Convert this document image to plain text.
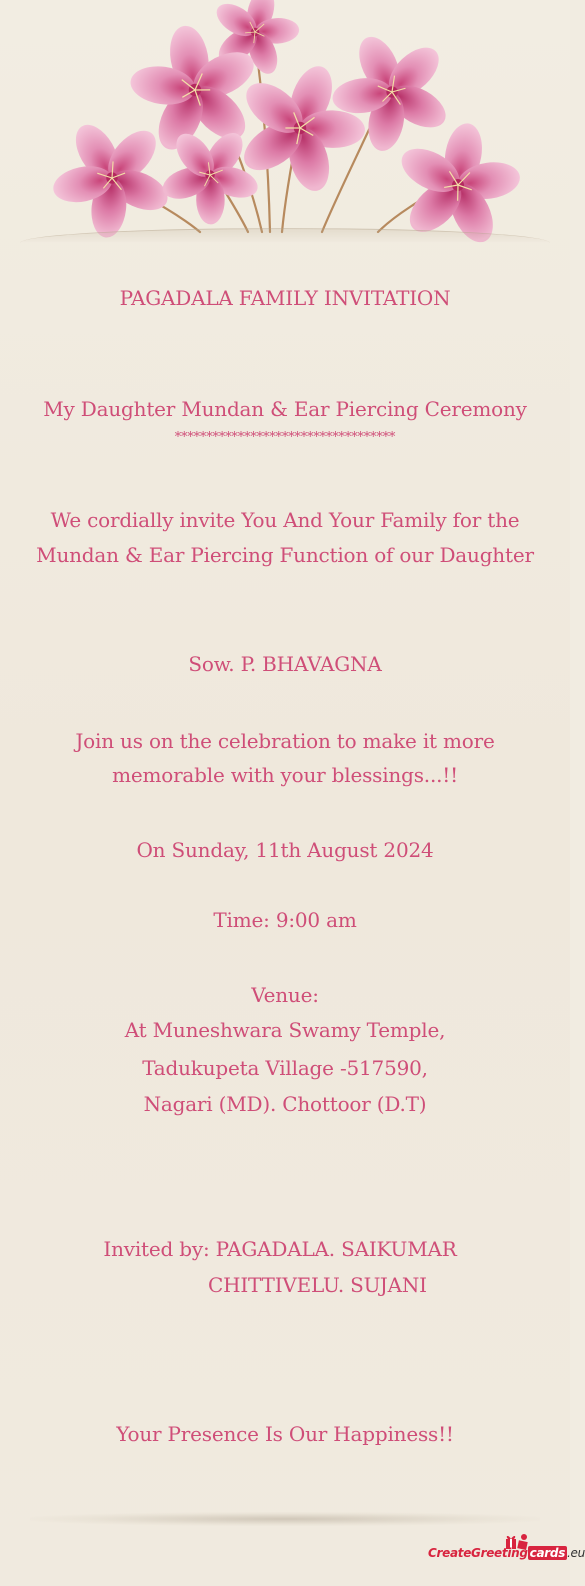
PAGADALA FAMILY INVITATION
My Daughter Mundan & Ear Piercing Ceremony
***********************************
We cordially invite You And Your Family for the
Mundan & Ear Piercing Function of our Daughter
Sow. P. BHAVAGNA
Join us on the celebration to make it more
memorable with your blessings...!!
On Sunday, 11th August 2024
Time: 9:00 am
Venue:
At Muneshwara Swamy Temple,
Tadukupeta Village -517590,
Nagari (MD). Chottoor (D.T)
Invited by: PAGADALA. SAIKUMAR
CHITTIVELU. SUJANI
Your Presence Is Our Happiness!!
CreateGreeting cards .eu
